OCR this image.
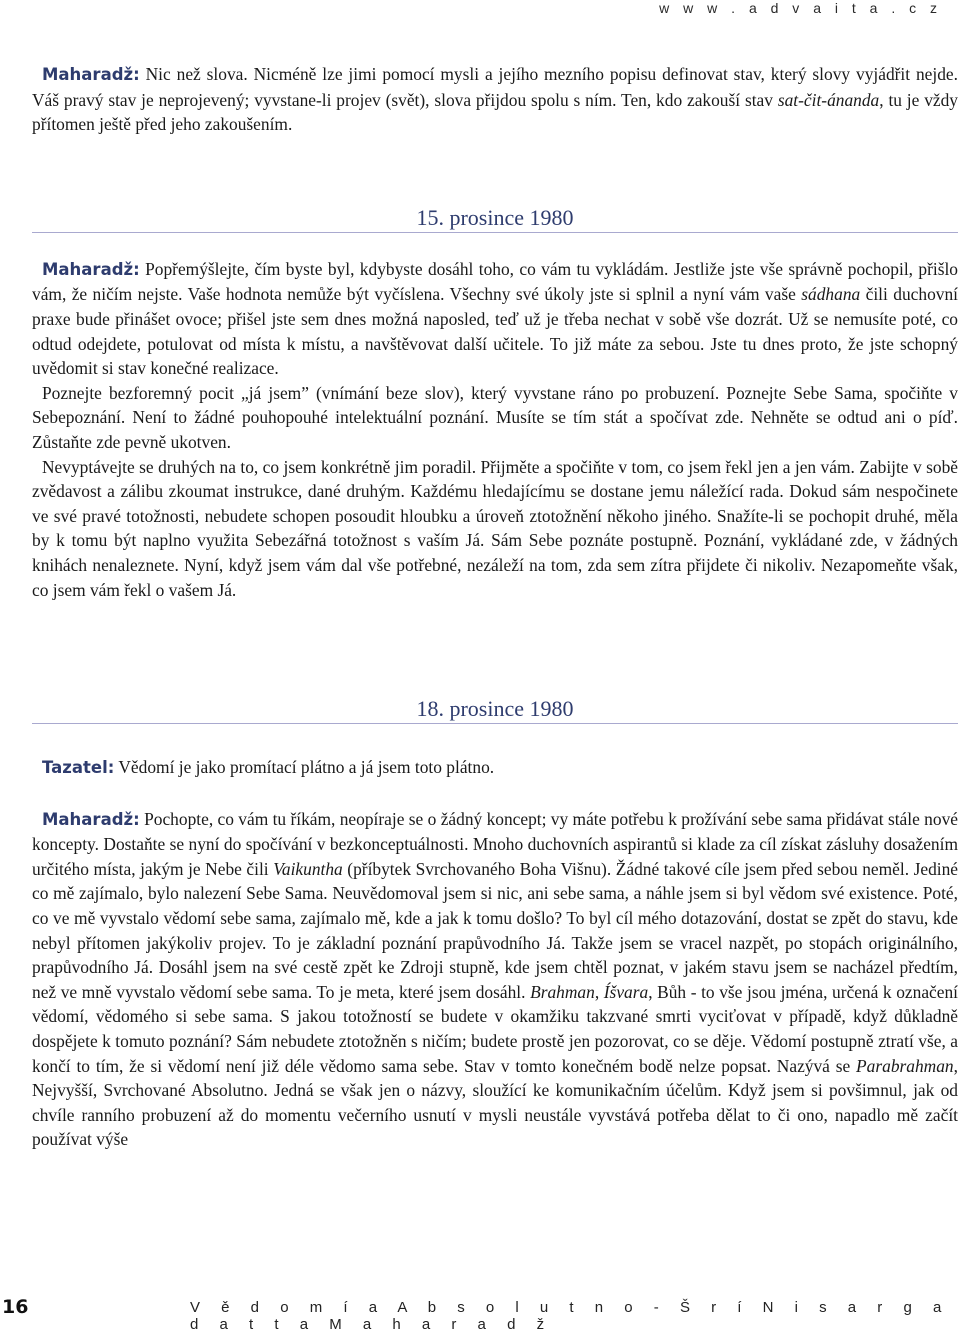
w w w . a d v a i t a . c z

Maharadž: Nic než slova. Nicméně lze jimi pomocí mysli a jejího mezního popisu definovat stav, který slovy vyjádřit nejde. Váš pravý stav je neprojevený; vyvstane-li projev (svět), slova přijdou spolu s ním. Ten, kdo zakouší stav sat-čit-ánanda, tu je vždy přítomen ještě před jeho zakoušením.

15. prosince 1980

Maharadž: Popřemýšlejte, čím byste byl, kdybyste dosáhl toho, co vám tu vykládám. Jestliže jste vše správně pochopil, přišlo vám, že ničím nejste. Vaše hodnota nemůže být vyčíslena. Všechny své úkoly jste si splnil a nyní vám vaše sádhana čili duchovní praxe bude přinášet ovoce; přišel jste sem dnes možná naposled, teď už je třeba nechat v sobě vše dozrát. Už se nemusíte poté, co odtud odejdete, potulovat od místa k místu, a navštěvovat další učitele. To již máte za sebou. Jste tu dnes proto, že jste schopný uvědomit si stav konečné realizace.

Poznejte bezforemný pocit „já jsem” (vnímání beze slov), který vyvstane ráno po probuzení. Poznejte Sebe Sama, spočiňte v Sebepoznání. Není to žádné pouhopouhé intelektuální poznání. Musíte se tím stát a spočívat zde. Nehněte se odtud ani o píď. Zůstaňte zde pevně ukotven.

Nevyptávejte se druhých na to, co jsem konkrétně jim poradil. Přijměte a spočiňte v tom, co jsem řekl jen a jen vám. Zabijte v sobě zvědavost a zálibu zkoumat instrukce, dané druhým. Každému hledajícímu se dostane jemu náležící rada. Dokud sám nespočinete ve své pravé totožnosti, nebudete schopen posoudit hloubku a úroveň ztotožnění někoho jiného. Snažíte-li se pochopit druhé, měla by k tomu být naplno využita Sebezářná totožnost s vaším Já. Sám Sebe poznáte postupně. Poznání, vykládané zde, v žádných knihách nenaleznete. Nyní, když jsem vám dal vše potřebné, nezáleží na tom, zda sem zítra přijdete či nikoliv. Nezapomeňte však, co jsem vám řekl o vašem Já.

18. prosince 1980

Tazatel: Vědomí je jako promítací plátno a já jsem toto plátno.

Maharadž: Pochopte, co vám tu říkám, neopíraje se o žádný koncept; vy máte potřebu k prožívání sebe sama přidávat stále nové koncepty. Dostaňte se nyní do spočívání v bezkonceptuálnosti. Mnoho duchovních aspirantů si klade za cíl získat zásluhy dosažením určitého místa, jakým je Nebe čili Vaikuntha (příbytek Svrchovaného Boha Višnu). Žádné takové cíle jsem před sebou neměl. Jediné co mě zajímalo, bylo nalezení Sebe Sama. Neuvědomoval jsem si nic, ani sebe sama, a náhle jsem si byl vědom své existence. Poté, co ve mě vyvstalo vědomí sebe sama, zajímalo mě, kde a jak k tomu došlo? To byl cíl mého dotazování, dostat se zpět do stavu, kde nebyl přítomen jakýkoliv projev. To je základní poznání prapůvodního Já. Takže jsem se vracel nazpět, po stopách originálního, prapůvodního Já. Dosáhl jsem na své cestě zpět ke Zdroji stupně, kde jsem chtěl poznat, v jakém stavu jsem se nacházel předtím, než ve mně vyvstalo vědomí sebe sama. To je meta, které jsem dosáhl. Brahman, Íšvara, Bůh - to vše jsou jména, určená k označení vědomí, vědomého si sebe sama. S jakou totožností se budete v okamžiku takzvané smrti vyciťovat v případě, když důkladně dospějete k tomuto poznání? Sám nebudete ztotožněn s ničím; budete prostě jen pozorovat, co se děje. Vědomí postupně ztratí vše, a končí to tím, že si vědomí není již déle vědomo sama sebe. Stav v tomto konečném bodě nelze popsat. Nazývá se Parabrahman, Nejvyšší, Svrchované Absolutno. Jedná se však jen o názvy, sloužící ke komunikačním účelům. Když jsem si povšimnul, jak od chvíle ranního probuzení až do momentu večerního usnutí v mysli neustále vyvstává potřeba dělat to či ono, napadlo mě začít používat výše

16	V ě d o m í a A b s o l u t n o - Š r í N i s a r g a d a t t a M a h a r a d ž
